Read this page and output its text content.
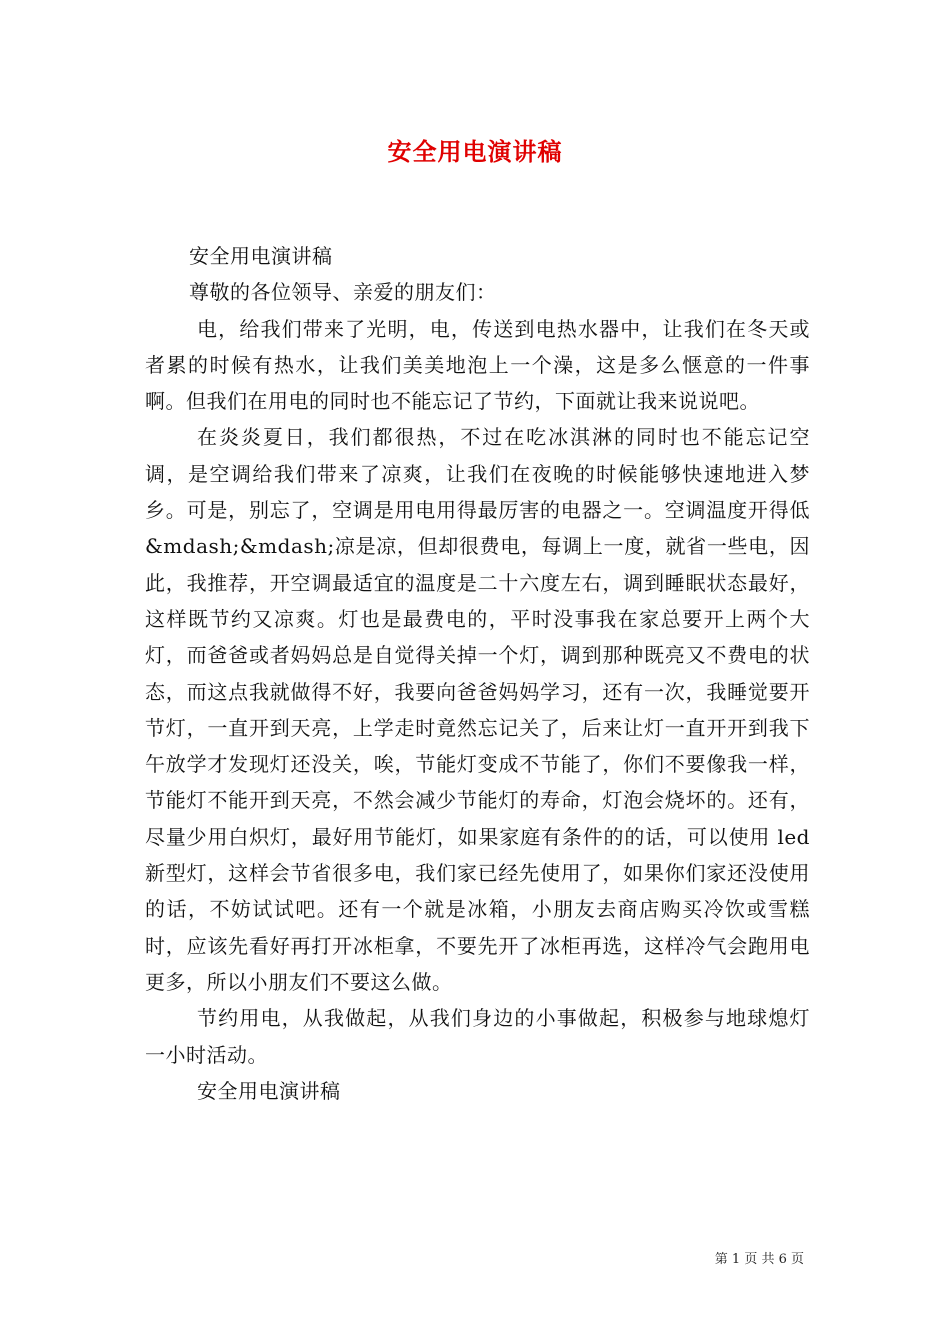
安全用电演讲稿

安全用电演讲稿

尊敬的各位领导、亲爱的朋友们：

电，给我们带来了光明，电，传送到电热水器中，让我们在冬天或者累的时候有热水，让我们美美地泡上一个澡，这是多么惬意的一件事啊。但我们在用电的同时也不能忘记了节约，下面就让我来说说吧。

在炎炎夏日，我们都很热，不过在吃冰淇淋的同时也不能忘记空调，是空调给我们带来了凉爽，让我们在夜晚的时候能够快速地进入梦乡。可是，别忘了，空调是用电用得最厉害的电器之一。空调温度开得低&mdash;&mdash;凉是凉，但却很费电，每调上一度，就省一些电，因此，我推荐，开空调最适宜的温度是二十六度左右，调到睡眠状态最好，这样既节约又凉爽。灯也是最费电的，平时没事我在家总要开上两个大灯，而爸爸或者妈妈总是自觉得关掉一个灯，调到那种既亮又不费电的状态，而这点我就做得不好，我要向爸爸妈妈学习，还有一次，我睡觉要开节灯，一直开到天亮，上学走时竟然忘记关了，后来让灯一直开开到我下午放学才发现灯还没关，唉，节能灯变成不节能了，你们不要像我一样，节能灯不能开到天亮，不然会减少节能灯的寿命，灯泡会烧坏的。还有，尽量少用白炽灯，最好用节能灯，如果家庭有条件的的话，可以使用 led 新型灯，这样会节省很多电，我们家已经先使用了，如果你们家还没使用的话，不妨试试吧。还有一个就是冰箱，小朋友去商店购买冷饮或雪糕时，应该先看好再打开冰柜拿，不要先开了冰柜再选，这样冷气会跑用电更多，所以小朋友们不要这么做。

节约用电，从我做起，从我们身边的小事做起，积极参与地球熄灯一小时活动。

安全用电演讲稿

第 1 页 共 6 页
